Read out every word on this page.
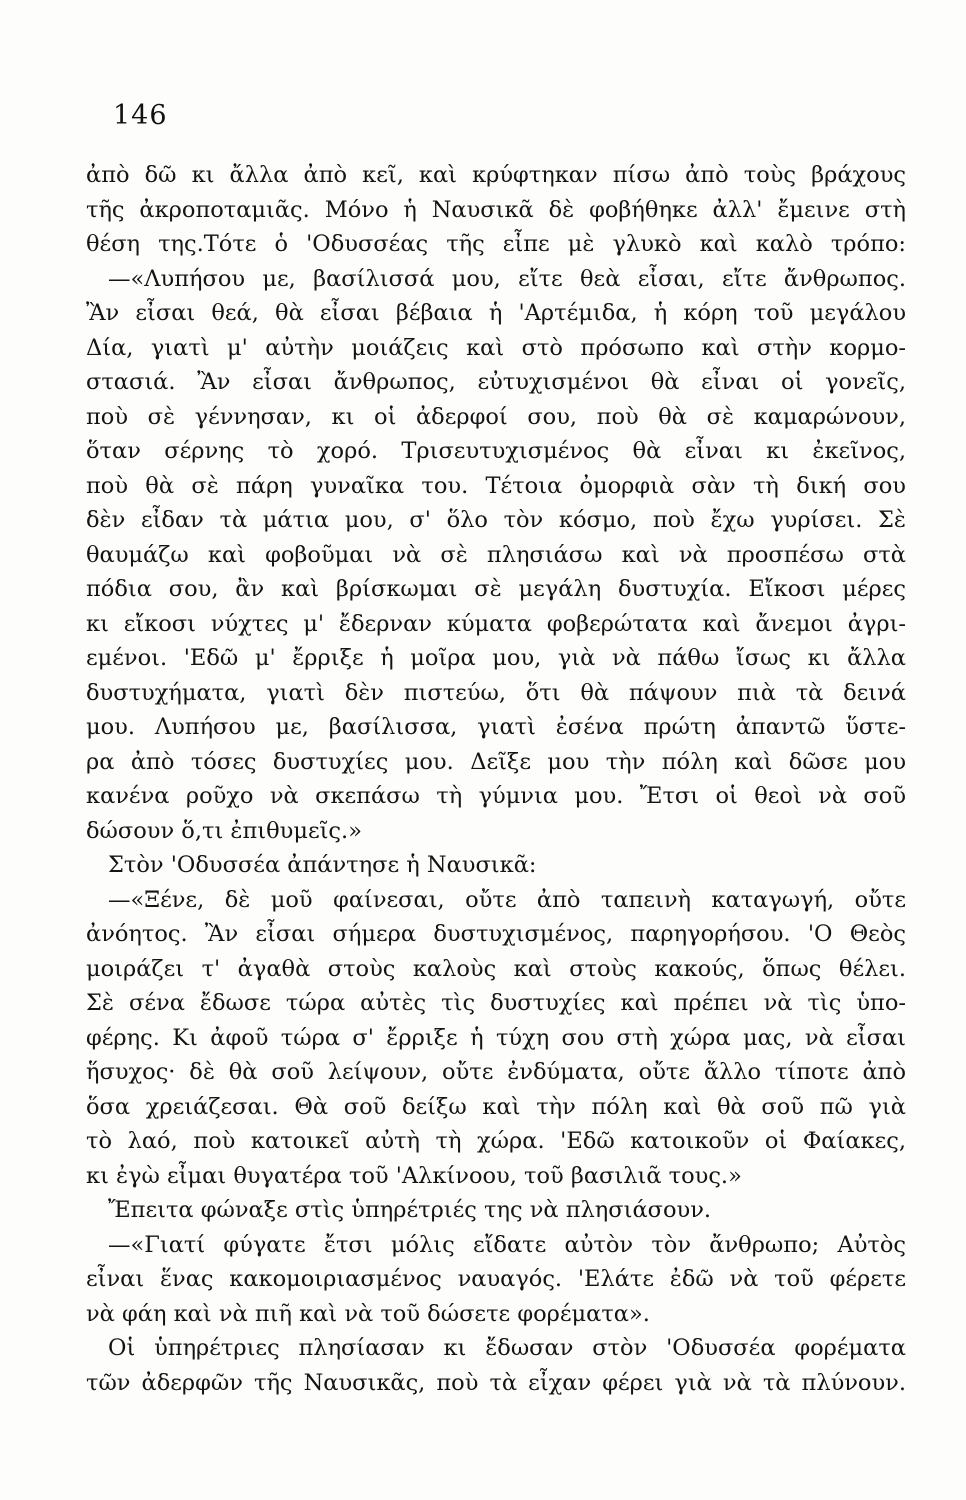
146
ἀπὸ δῶ κι ἄλλα ἀπὸ κεῖ, καὶ κρύφτηκαν πίσω ἀπὸ τοὺς βράχους
τῆς ἀκροποταμιᾶς. Μόνο ἡ Ναυσικᾶ δὲ φοβήθηκε ἀλλ' ἔμεινε στὴ
θέση της.Τότε ὁ 'Οδυσσέας τῆς εἶπε μὲ γλυκὸ καὶ καλὸ τρόπο:
—«Λυπήσου με, βασίλισσά μου, εἴτε θεὰ εἶσαι, εἴτε ἄνθρωπος.
Ἂν εἶσαι θεά, θὰ εἶσαι βέβαια ἡ 'Αρτέμιδα, ἡ κόρη τοῦ μεγάλου
Δία, γιατὶ μ' αὐτὴν μοιάζεις καὶ στὸ πρόσωπο καὶ στὴν κορμο-
στασιά. Ἂν εἶσαι ἄνθρωπος, εὐτυχισμένοι θὰ εἶναι οἱ γονεῖς,
ποὺ σὲ γέννησαν, κι οἱ ἀδερφοί σου, ποὺ θὰ σὲ καμαρώνουν,
ὅταν σέρνης τὸ χορό. Τρισευτυχισμένος θὰ εἶναι κι ἐκεῖνος,
ποὺ θὰ σὲ πάρη γυναῖκα του. Τέτοια ὀμορφιὰ σὰν τὴ δική σου
δὲν εἶδαν τὰ μάτια μου, σ' ὅλο τὸν κόσμο, ποὺ ἔχω γυρίσει. Σὲ
θαυμάζω καὶ φοβοῦμαι νὰ σὲ πλησιάσω καὶ νὰ προσπέσω στὰ
πόδια σου, ἂν καὶ βρίσκωμαι σὲ μεγάλη δυστυχία. Εἴκοσι μέρες
κι εἴκοσι νύχτες μ' ἔδερναν κύματα φοβερώτατα καὶ ἄνεμοι ἀγρι-
εμένοι. 'Εδῶ μ' ἔρριξε ἡ μοῖρα μου, γιὰ νὰ πάθω ἴσως κι ἄλλα
δυστυχήματα, γιατὶ δὲν πιστεύω, ὅτι θὰ πάψουν πιὰ τὰ δεινά
μου. Λυπήσου με, βασίλισσα, γιατὶ ἐσένα πρώτη ἀπαντῶ ὕστε-
ρα ἀπὸ τόσες δυστυχίες μου. Δεῖξε μου τὴν πόλη καὶ δῶσε μου
κανένα ροῦχο νὰ σκεπάσω τὴ γύμνια μου. Ἔτσι οἱ θεοὶ νὰ σοῦ
δώσουν ὅ,τι ἐπιθυμεῖς.»
Στὸν 'Οδυσσέα ἀπάντησε ἡ Ναυσικᾶ:
—«Ξένε, δὲ μοῦ φαίνεσαι, οὔτε ἀπὸ ταπεινὴ καταγωγή, οὔτε
ἀνόητος. Ἂν εἶσαι σήμερα δυστυχισμένος, παρηγορήσου. 'Ο Θεὸς
μοιράζει τ' ἀγαθὰ στοὺς καλοὺς καὶ στοὺς κακούς, ὅπως θέλει.
Σὲ σένα ἔδωσε τώρα αὐτὲς τὶς δυστυχίες καὶ πρέπει νὰ τὶς ὑπο-
φέρης. Κι ἀφοῦ τώρα σ' ἔρριξε ἡ τύχη σου στὴ χώρα μας, νὰ εἶσαι
ἥσυχος· δὲ θὰ σοῦ λείψουν, οὔτε ἐνδύματα, οὔτε ἄλλο τίποτε ἀπὸ
ὅσα χρειάζεσαι. Θὰ σοῦ δείξω καὶ τὴν πόλη καὶ θὰ σοῦ πῶ γιὰ
τὸ λαό, ποὺ κατοικεῖ αὐτὴ τὴ χώρα. 'Εδῶ κατοικοῦν οἱ Φαίακες,
κι ἐγὼ εἶμαι θυγατέρα τοῦ 'Αλκίνοου, τοῦ βασιλιᾶ τους.»
Ἔπειτα φώναξε στὶς ὑπηρέτριές της νὰ πλησιάσουν.
—«Γιατί φύγατε ἔτσι μόλις εἴδατε αὐτὸν τὸν ἄνθρωπο; Αὐτὸς
εἶναι ἕνας κακομοιριασμένος ναυαγός. 'Ελάτε ἐδῶ νὰ τοῦ φέρετε
νὰ φάη καὶ νὰ πιῆ καὶ νὰ τοῦ δώσετε φορέματα».
Οἱ ὑπηρέτριες πλησίασαν κι ἔδωσαν στὸν 'Οδυσσέα φορέματα
τῶν ἀδερφῶν τῆς Ναυσικᾶς, ποὺ τὰ εἶχαν φέρει γιὰ νὰ τὰ πλύνουν.
